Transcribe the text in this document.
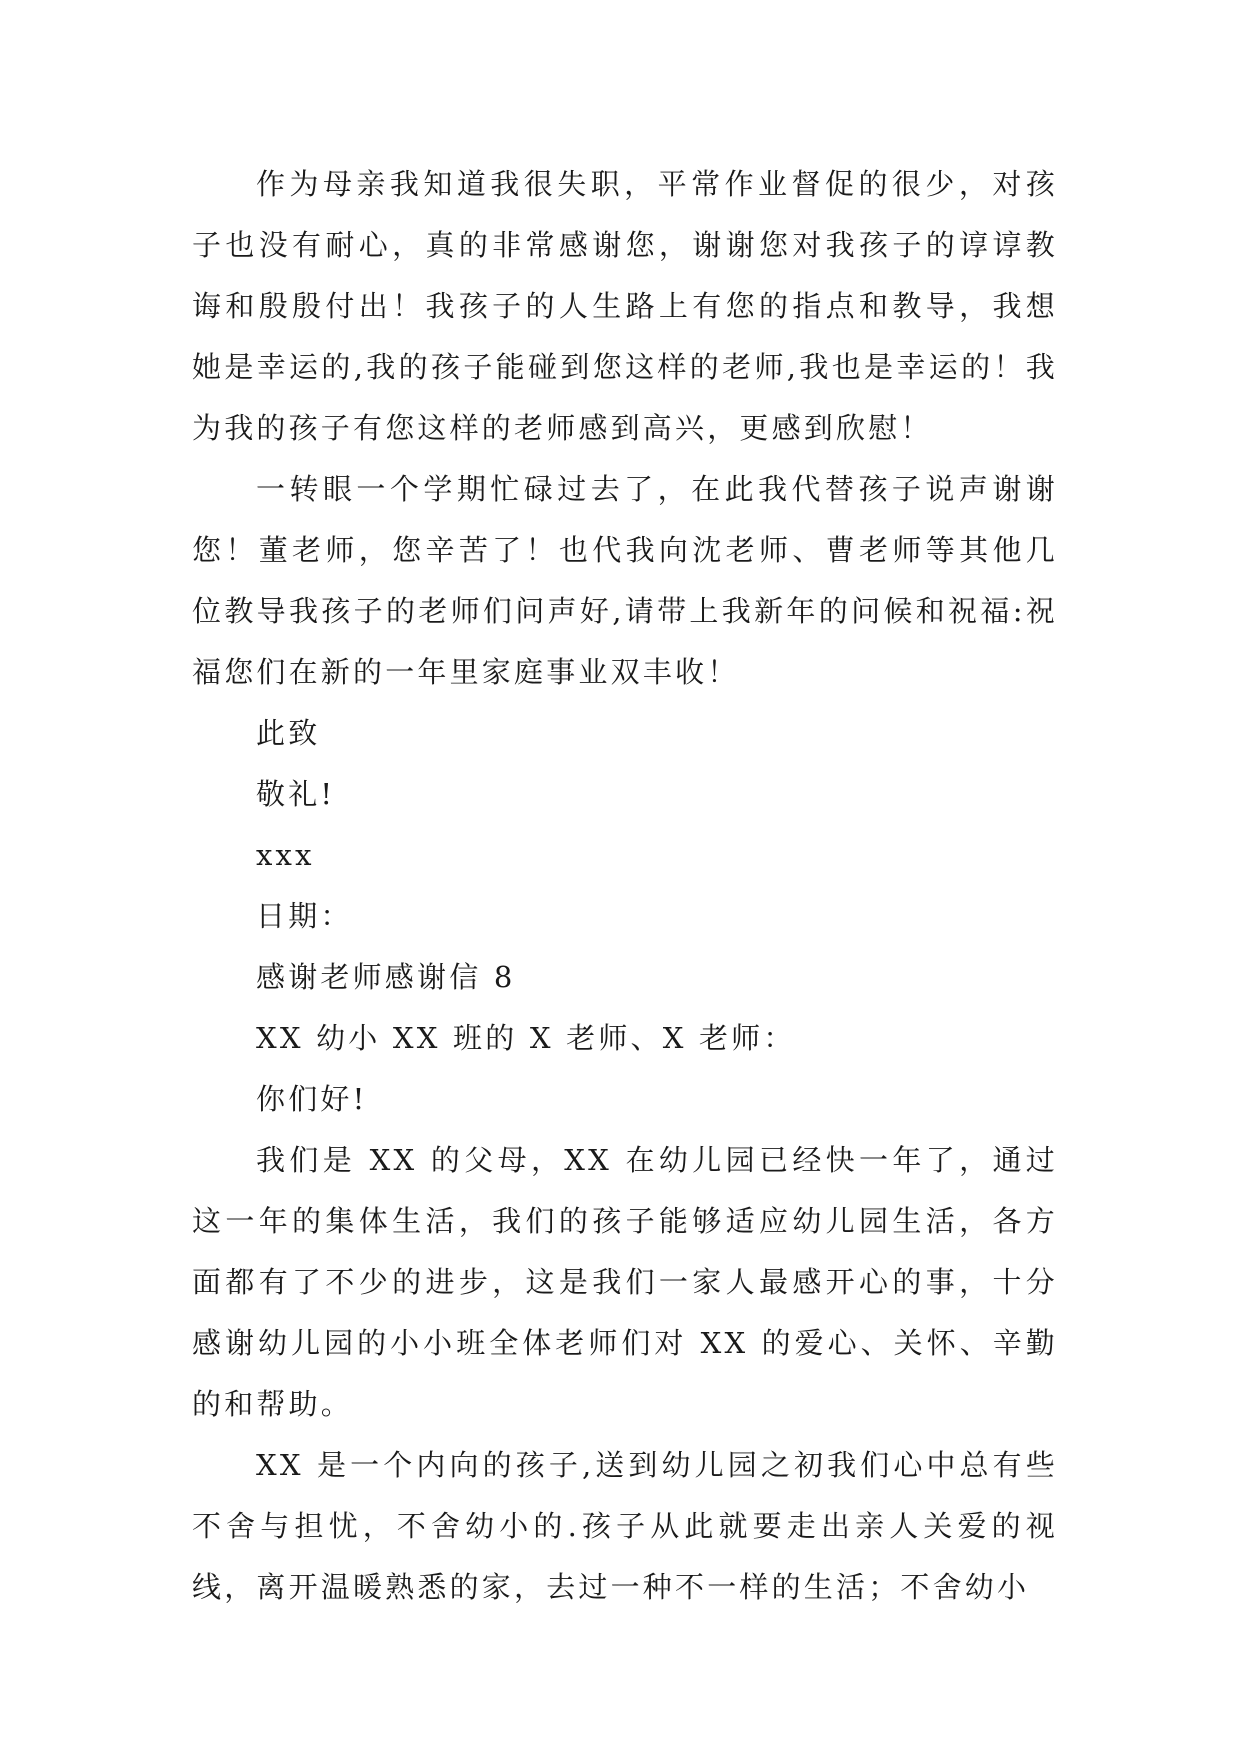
作为母亲我知道我很失职，平常作业督促的很少，对孩子也没有耐心，真的非常感谢您，谢谢您对我孩子的谆谆教诲和殷殷付出！我孩子的人生路上有您的指点和教导，我想她是幸运的,我的孩子能碰到您这样的老师,我也是幸运的！我为我的孩子有您这样的老师感到高兴，更感到欣慰！

一转眼一个学期忙碌过去了，在此我代替孩子说声谢谢您！董老师，您辛苦了！也代我向沈老师、曹老师等其他几位教导我孩子的老师们问声好,请带上我新年的问候和祝福:祝福您们在新的一年里家庭事业双丰收！

此致

敬礼!

xxx

日期：

感谢老师感谢信 8

XX 幼小 XX 班的 X 老师、X 老师：

你们好!

我们是 XX 的父母，XX 在幼儿园已经快一年了，通过这一年的集体生活，我们的孩子能够适应幼儿园生活，各方面都有了不少的进步，这是我们一家人最感开心的事，十分感谢幼儿园的小小班全体老师们对 XX 的爱心、关怀、辛勤的和帮助。

XX 是一个内向的孩子,送到幼儿园之初我们心中总有些不舍与担忧，不舍幼小的.孩子从此就要走出亲人关爱的视线，离开温暖熟悉的家，去过一种不一样的生活；不舍幼小
